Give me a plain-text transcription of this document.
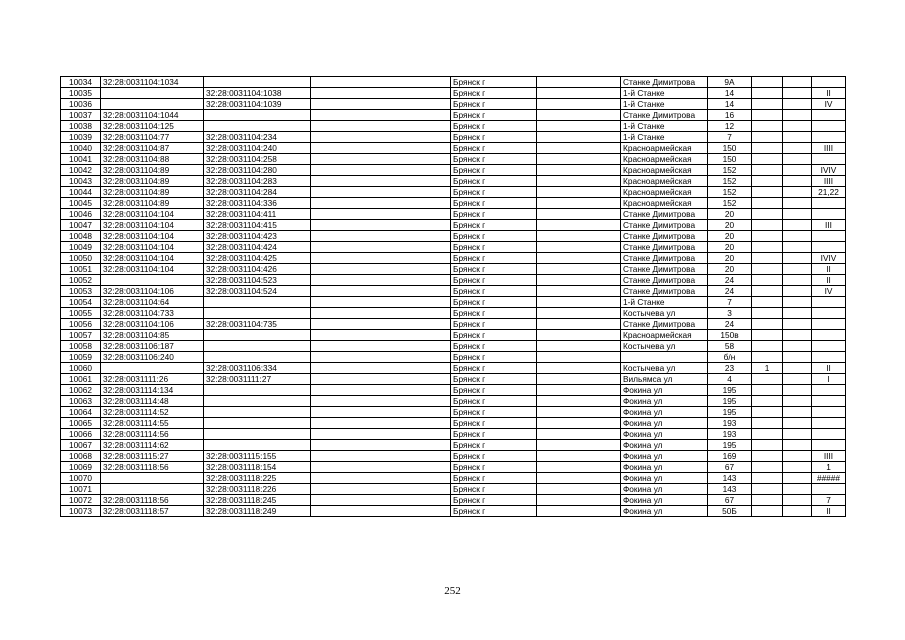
10034	32:28:0031104:1034			Брянск г		Станке Димитрова	9А			
10035		32:28:0031104:1038		Брянск г		1-й Станке	14			II
10036		32:28:0031104:1039		Брянск г		1-й Станке	14			IV
10037	32:28:0031104:1044			Брянск г		Станке Димитрова	16			
10038	32:28:0031104:125			Брянск г		1-й Станке	12			
10039	32:28:0031104:77	32:28:0031104:234		Брянск г		1-й Станке	7			
10040	32:28:0031104:87	32:28:0031104:240		Брянск г		Красноармейская	150			IIII
10041	32:28:0031104:88	32:28:0031104:258		Брянск г		Красноармейская	150			
10042	32:28:0031104:89	32:28:0031104:280		Брянск г		Красноармейская	152			IVIV
10043	32:28:0031104:89	32:28:0031104:283		Брянск г		Красноармейская	152			IIII
10044	32:28:0031104:89	32:28:0031104:284		Брянск г		Красноармейская	152			21,22
10045	32:28:0031104:89	32:28:0031104:336		Брянск г		Красноармейская	152			
10046	32:28:0031104:104	32:28:0031104:411		Брянск г		Станке Димитрова	20			
10047	32:28:0031104:104	32:28:0031104:415		Брянск г		Станке Димитрова	20			III
10048	32:28:0031104:104	32:28:0031104:423		Брянск г		Станке Димитрова	20			
10049	32:28:0031104:104	32:28:0031104:424		Брянск г		Станке Димитрова	20			
10050	32:28:0031104:104	32:28:0031104:425		Брянск г		Станке Димитрова	20			IVIV
10051	32:28:0031104:104	32:28:0031104:426		Брянск г		Станке Димитрова	20			II
10052		32:28:0031104:523		Брянск г		Станке Димитрова	24			II
10053	32:28:0031104:106	32:28:0031104:524		Брянск г		Станке Димитрова	24			IV
10054	32:28:0031104:64			Брянск г		1-й Станке	7			
10055	32:28:0031104:733			Брянск г		Костычева ул	3			
10056	32:28:0031104:106	32:28:0031104:735		Брянск г		Станке Димитрова	24			
10057	32:28:0031104:85			Брянск г		Красноармейская	150в			
10058	32:28:0031106:187			Брянск г		Костычева ул	58			
10059	32:28:0031106:240			Брянск г			б/н			
10060		32:28:0031106:334		Брянск г		Костычева ул	23	1		II
10061	32:28:0031111:26	32:28:0031111:27		Брянск г		Вильямса ул	4			I
10062	32:28:0031114:134			Брянск г		Фокина ул	195			
10063	32:28:0031114:48			Брянск г		Фокина ул	195			
10064	32:28:0031114:52			Брянск г		Фокина ул	195			
10065	32:28:0031114:55			Брянск г		Фокина ул	193			
10066	32:28:0031114:56			Брянск г		Фокина ул	193			
10067	32:28:0031114:62			Брянск г		Фокина ул	195			
10068	32:28:0031115:27	32:28:0031115:155		Брянск г		Фокина ул	169			IIII
10069	32:28:0031118:56	32:28:0031118:154		Брянск г		Фокина ул	67			1
10070		32:28:0031118:225		Брянск г		Фокина ул	143			#####
10071		32:28:0031118:226		Брянск г		Фокина ул	143			
10072	32:28:0031118:56	32:28:0031118:245		Брянск г		Фокина ул	67			7
10073	32:28:0031118:57	32:28:0031118:249		Брянск г		Фокина ул	50Б			II
252
